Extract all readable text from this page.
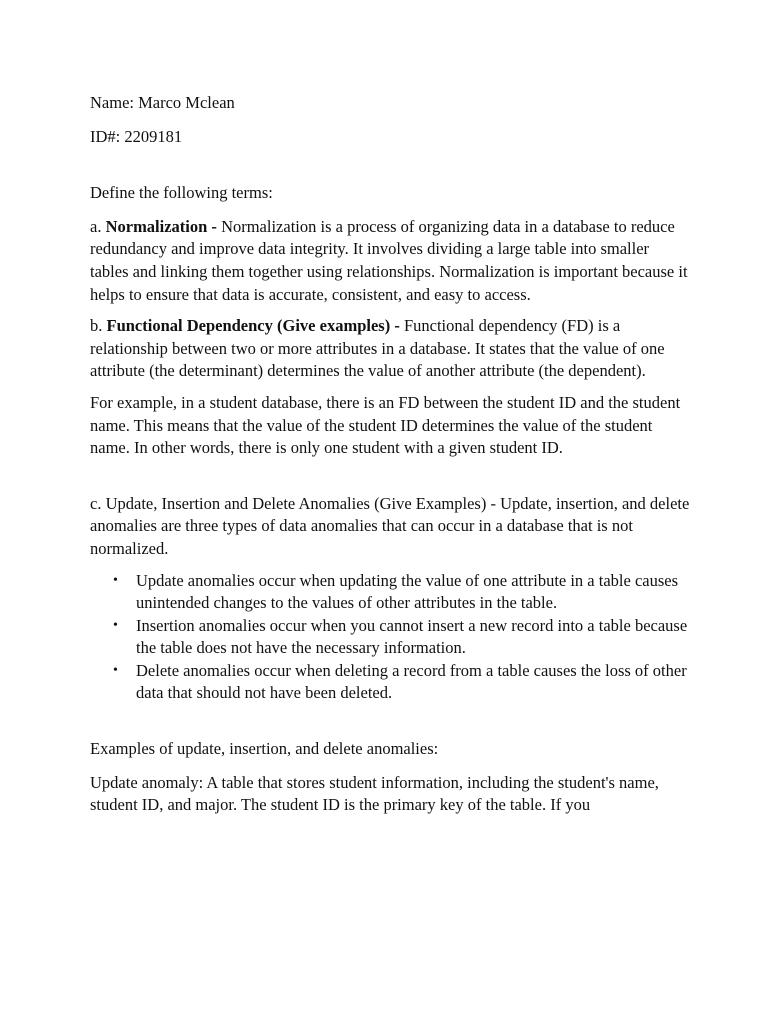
Name: Marco Mclean

ID#: 2209181

Define the following terms:

a. Normalization - Normalization is a process of organizing data in a database to reduce redundancy and improve data integrity. It involves dividing a large table into smaller tables and linking them together using relationships. Normalization is important because it helps to ensure that data is accurate, consistent, and easy to access.

b. Functional Dependency (Give examples) - Functional dependency (FD) is a relationship between two or more attributes in a database. It states that the value of one attribute (the determinant) determines the value of another attribute (the dependent).

For example, in a student database, there is an FD between the student ID and the student name. This means that the value of the student ID determines the value of the student name. In other words, there is only one student with a given student ID.

c. Update, Insertion and Delete Anomalies (Give Examples) - Update, insertion, and delete anomalies are three types of data anomalies that can occur in a database that is not normalized.

• Update anomalies occur when updating the value of one attribute in a table causes unintended changes to the values of other attributes in the table.
• Insertion anomalies occur when you cannot insert a new record into a table because the table does not have the necessary information.
• Delete anomalies occur when deleting a record from a table causes the loss of other data that should not have been deleted.

Examples of update, insertion, and delete anomalies:

Update anomaly: A table that stores student information, including the student's name, student ID, and major. The student ID is the primary key of the table. If you
